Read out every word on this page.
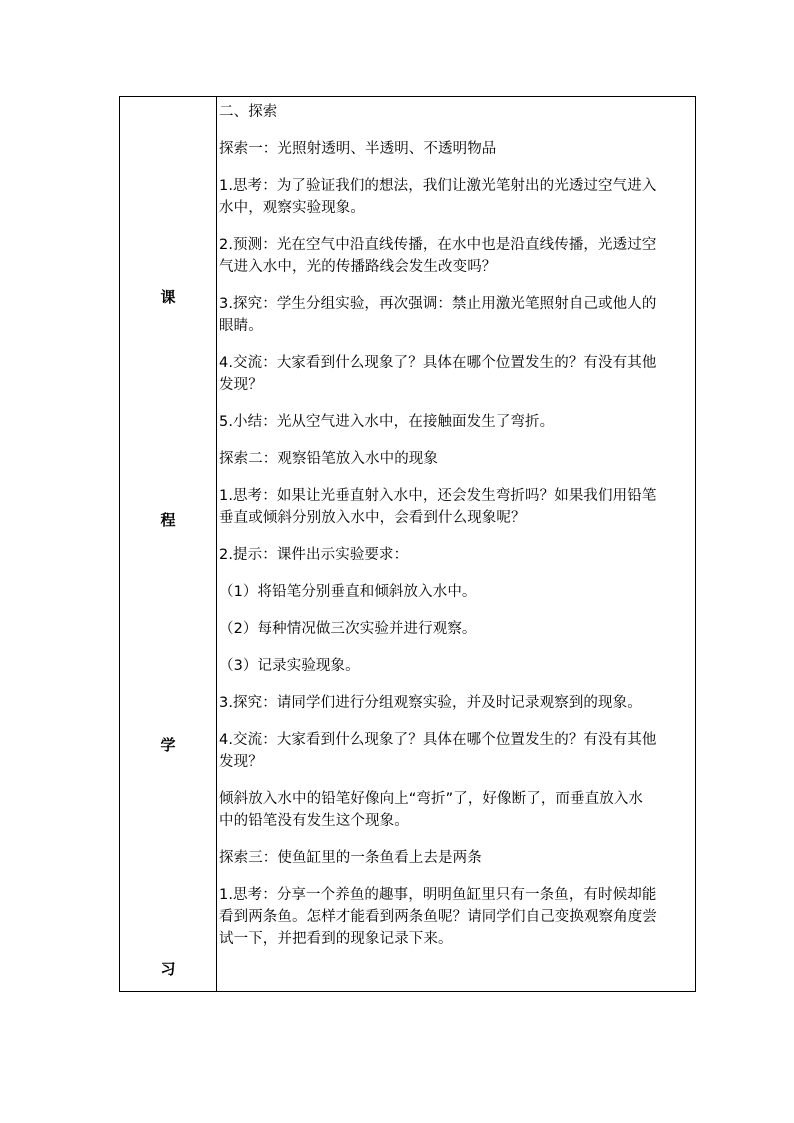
课
程
学
习

二、探索

探索一：光照射透明、半透明、不透明物品

1.思考：为了验证我们的想法，我们让激光笔射出的光透过空气进入
水中，观察实验现象。

2.预测：光在空气中沿直线传播，在水中也是沿直线传播，光透过空
气进入水中，光的传播路线会发生改变吗？

3.探究：学生分组实验，再次强调：禁止用激光笔照射自己或他人的
眼睛。

4.交流：大家看到什么现象了？具体在哪个位置发生的？有没有其他
发现？

5.小结：光从空气进入水中，在接触面发生了弯折。

探索二：观察铅笔放入水中的现象

1.思考：如果让光垂直射入水中，还会发生弯折吗？如果我们用铅笔
垂直或倾斜分别放入水中，会看到什么现象呢？

2.提示：课件出示实验要求：

（1）将铅笔分别垂直和倾斜放入水中。

（2）每种情况做三次实验并进行观察。

（3）记录实验现象。

3.探究：请同学们进行分组观察实验，并及时记录观察到的现象。

4.交流：大家看到什么现象了？具体在哪个位置发生的？有没有其他
发现？

倾斜放入水中的铅笔好像向上“弯折”了，好像断了，而垂直放入水
中的铅笔没有发生这个现象。

探索三：使鱼缸里的一条鱼看上去是两条

1.思考：分享一个养鱼的趣事，明明鱼缸里只有一条鱼，有时候却能
看到两条鱼。怎样才能看到两条鱼呢？请同学们自己变换观察角度尝
试一下，并把看到的现象记录下来。
